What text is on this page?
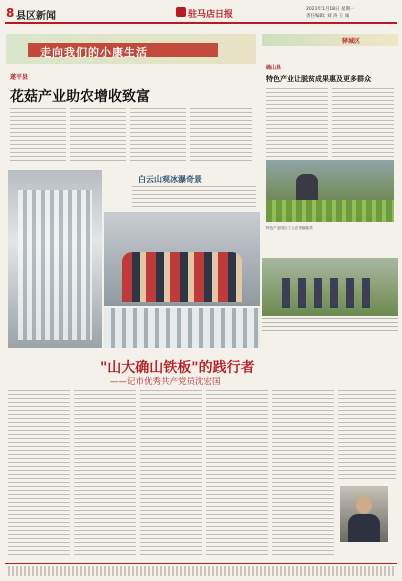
8 县区新闻	驻马店日报
2021年1月18日 星期一
责任编辑: 刘 涛 王 诚
走向我们的小康生活
遂平县
花菇产业助农增收致富
驿城区
确山县
特色产业让脱贫成果惠及更多群众
特色产业园区工人在采摘蔬菜
白云山观冰瀑奇景
"山大确山铁板"的践行者
——记市优秀共产党员沈宏国
